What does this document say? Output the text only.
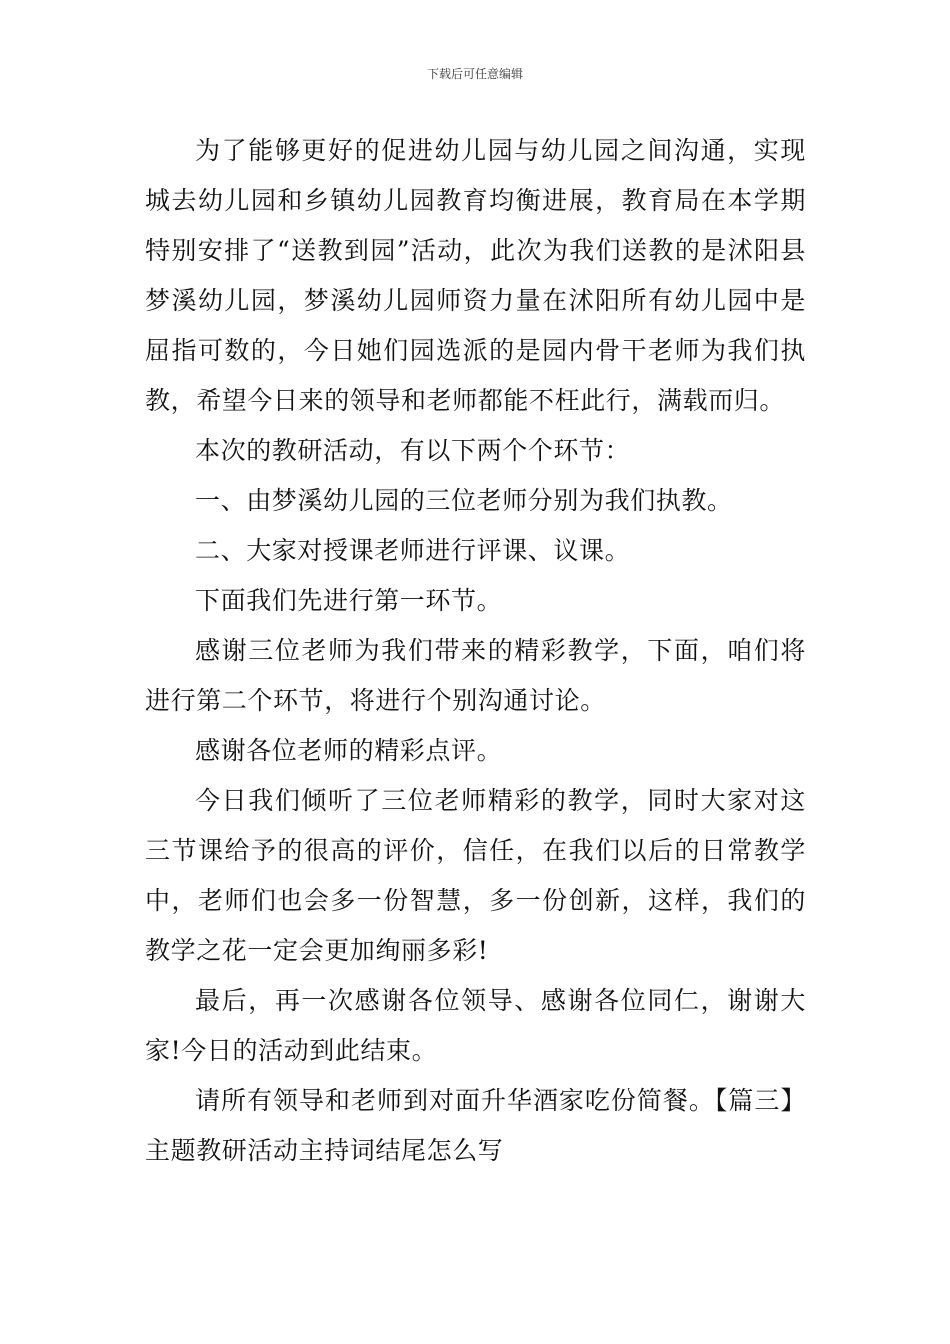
下载后可任意编辑

为了能够更好的促进幼儿园与幼儿园之间沟通，实现城去幼儿园和乡镇幼儿园教育均衡进展，教育局在本学期特别安排了“送教到园”活动，此次为我们送教的是沭阳县梦溪幼儿园，梦溪幼儿园师资力量在沭阳所有幼儿园中是屈指可数的，今日她们园选派的是园内骨干老师为我们执教，希望今日来的领导和老师都能不枉此行，满载而归。

本次的教研活动，有以下两个个环节：

一、由梦溪幼儿园的三位老师分别为我们执教。

二、大家对授课老师进行评课、议课。

下面我们先进行第一环节。

感谢三位老师为我们带来的精彩教学，下面，咱们将进行第二个环节，将进行个别沟通讨论。

感谢各位老师的精彩点评。

今日我们倾听了三位老师精彩的教学，同时大家对这三节课给予的很高的评价，信任，在我们以后的日常教学中，老师们也会多一份智慧，多一份创新，这样，我们的教学之花一定会更加绚丽多彩!

最后，再一次感谢各位领导、感谢各位同仁，谢谢大家!今日的活动到此结束。

请所有领导和老师到对面升华酒家吃份简餐。【篇三】主题教研活动主持词结尾怎么写
